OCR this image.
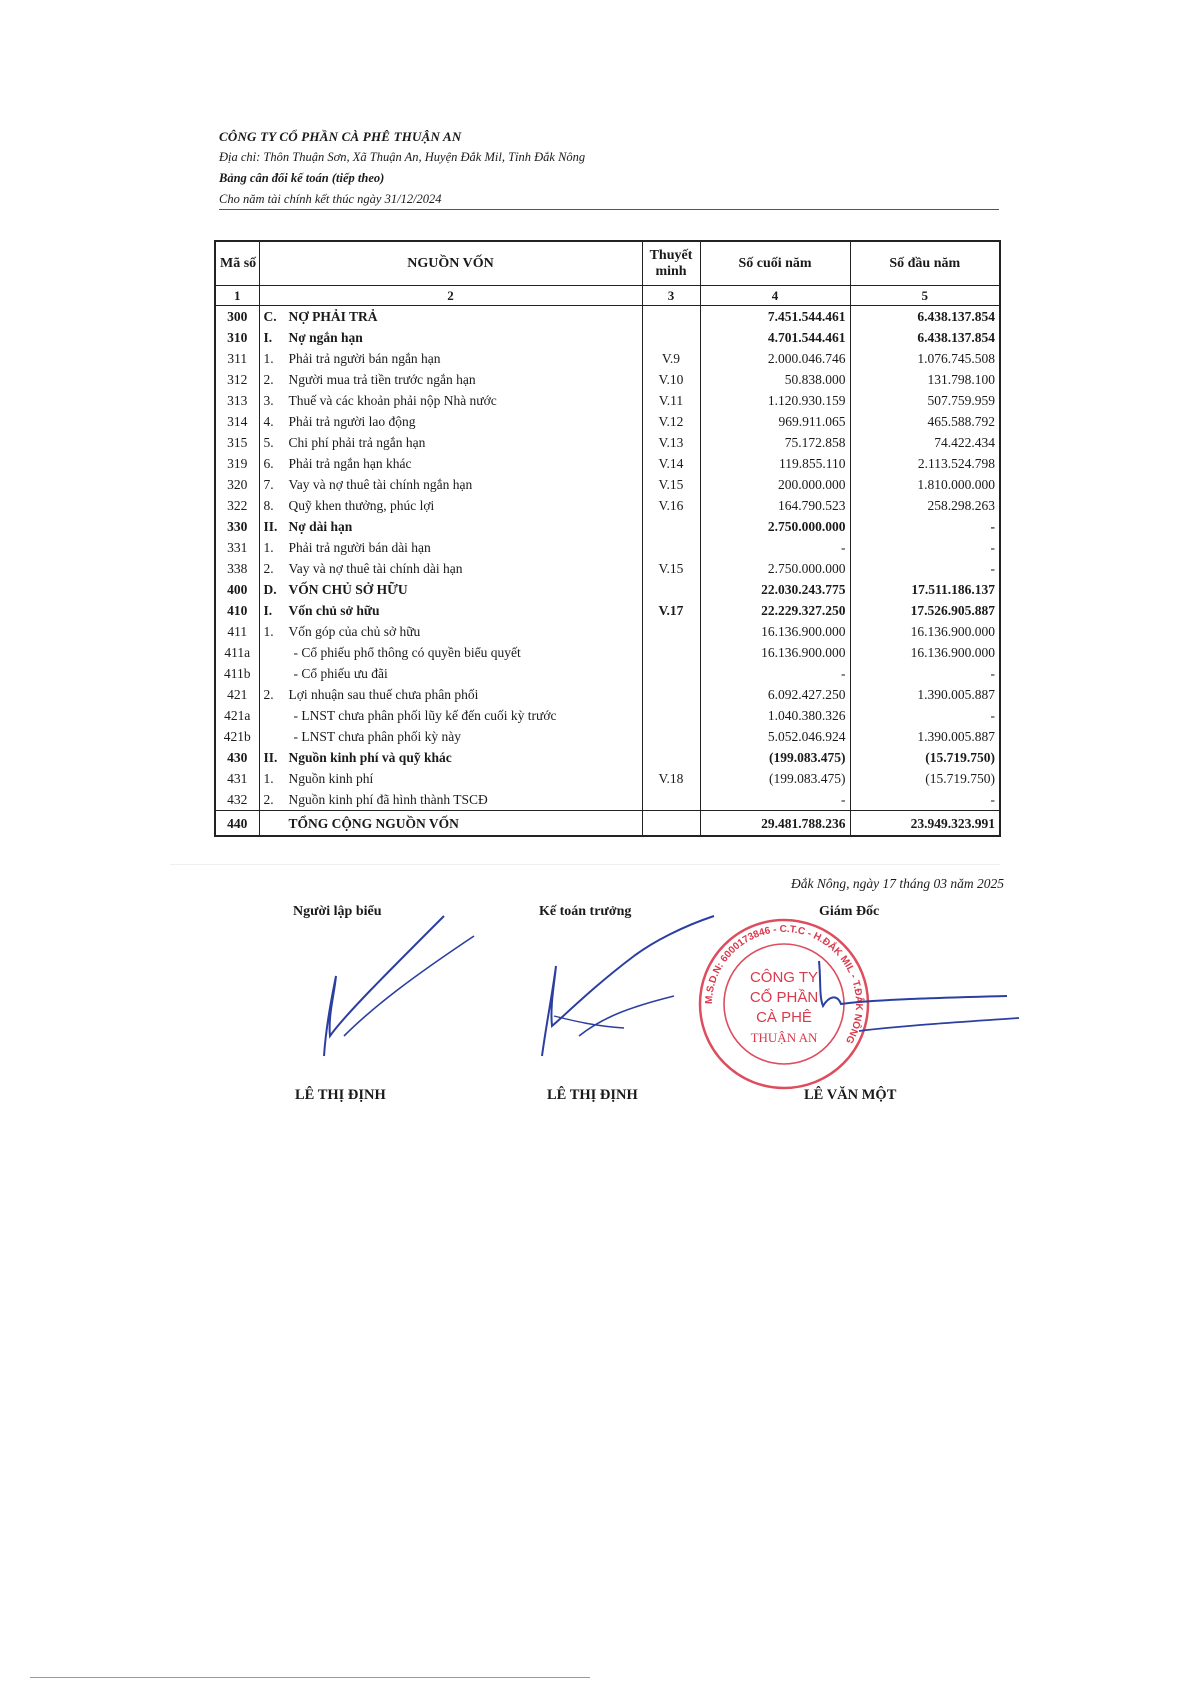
CÔNG TY CỔ PHẦN CÀ PHÊ THUẬN AN
Địa chỉ: Thôn Thuận Sơn, Xã Thuận An, Huyện Đắk Mil, Tỉnh Đắk Nông
Bảng cân đối kế toán (tiếp theo)
Cho năm tài chính kết thúc ngày 31/12/2024
Mã số	NGUỒN VỐN	Thuyết minh	Số cuối năm	Số đầu năm
1	2	3	4	5
300	C. NỢ PHẢI TRẢ		7.451.544.461	6.438.137.854
310	I. Nợ ngắn hạn		4.701.544.461	6.438.137.854
311	1. Phải trả người bán ngắn hạn	V.9	2.000.046.746	1.076.745.508
312	2. Người mua trả tiền trước ngắn hạn	V.10	50.838.000	131.798.100
313	3. Thuế và các khoản phải nộp Nhà nước	V.11	1.120.930.159	507.759.959
314	4. Phải trả người lao động	V.12	969.911.065	465.588.792
315	5. Chi phí phải trả ngắn hạn	V.13	75.172.858	74.422.434
319	6. Phải trả ngắn hạn khác	V.14	119.855.110	2.113.524.798
320	7. Vay và nợ thuê tài chính ngắn hạn	V.15	200.000.000	1.810.000.000
322	8. Quỹ khen thưởng, phúc lợi	V.16	164.790.523	258.298.263
330	II. Nợ dài hạn		2.750.000.000	-
331	1. Phải trả người bán dài hạn		-	-
338	2. Vay và nợ thuê tài chính dài hạn	V.15	2.750.000.000	-
400	D. VỐN CHỦ SỞ HỮU		22.030.243.775	17.511.186.137
410	I. Vốn chủ sở hữu	V.17	22.229.327.250	17.526.905.887
411	1. Vốn góp của chủ sở hữu		16.136.900.000	16.136.900.000
411a	- Cổ phiếu phổ thông có quyền biểu quyết		16.136.900.000	16.136.900.000
411b	- Cổ phiếu ưu đãi		-	-
421	2. Lợi nhuận sau thuế chưa phân phối		6.092.427.250	1.390.005.887
421a	- LNST chưa phân phối lũy kế đến cuối kỳ trước		1.040.380.326	-
421b	- LNST chưa phân phối kỳ này		5.052.046.924	1.390.005.887
430	II. Nguồn kinh phí và quỹ khác		(199.083.475)	(15.719.750)
431	1. Nguồn kinh phí	V.18	(199.083.475)	(15.719.750)
432	2. Nguồn kinh phí đã hình thành TSCĐ		-	-
440	TỔNG CỘNG NGUỒN VỐN		29.481.788.236	23.949.323.991
Đắk Nông, ngày 17 tháng 03 năm 2025
Người lập biểu	Kế toán trưởng	Giám Đốc
M.S.D.N: 6000173846 - C.T.C - H.ĐẮK MIL - T.ĐẮK NÔNG
CÔNG TY
CỔ PHẦN
CÀ PHÊ
THUẬN AN
LÊ THỊ ĐỊNH	LÊ THỊ ĐỊNH	LÊ VĂN MỘT
